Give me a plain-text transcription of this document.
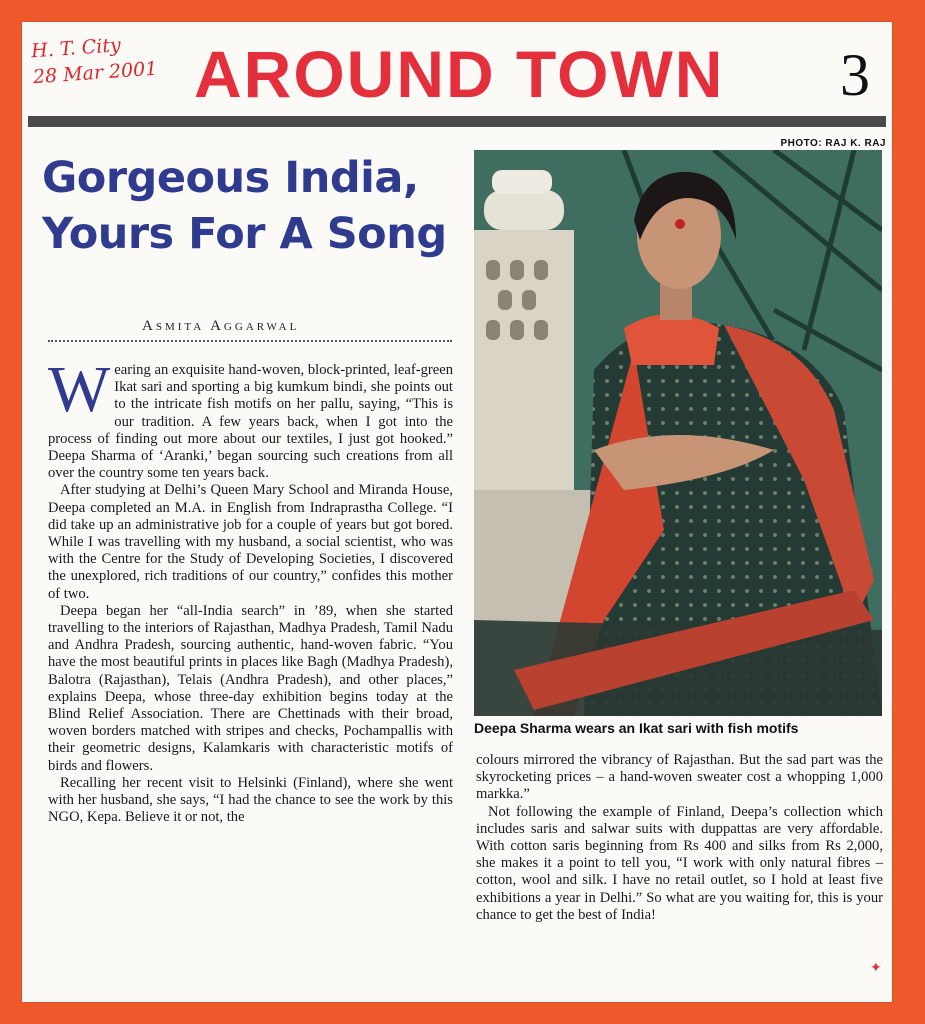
H. T. City
28 Mar 2001 AROUND TOWN	3
PHOTO: RAJ K. RAJ
Gorgeous India, Yours For A Song
Asmita Aggarwal

Wearing an exquisite hand-woven, block-printed, leaf-green Ikat sari and sporting a big kumkum bindi, she points out to the intricate fish motifs on her pallu, saying, “This is our tradition. A few years back, when I got into the process of finding out more about our textiles, I just got hooked.” Deepa Sharma of ‘Aranki,’ began sourcing such creations from all over the country some ten years back.

After studying at Delhi’s Queen Mary School and Miranda House, Deepa completed an M.A. in English from Indraprastha College. “I did take up an administrative job for a couple of years but got bored. While I was travelling with my husband, a social scientist, who was with the Centre for the Study of Developing Societies, I discovered the unexplored, rich traditions of our country,” confides this mother of two.

Deepa began her “all-India search” in ’89, when she started travelling to the interiors of Rajasthan, Madhya Pradesh, Tamil Nadu and Andhra Pradesh, sourcing authentic, hand-woven fabric. “You have the most beautiful prints in places like Bagh (Madhya Pradesh), Balotra (Rajasthan), Telais (Andhra Pradesh), and other places,” explains Deepa, whose three-day exhibition begins today at the Blind Relief Association. There are Chettinads with their broad, woven borders matched with stripes and checks, Pochampallis with their geometric designs, Kalamkaris with characteristic motifs of birds and flowers.

Recalling her recent visit to Helsinki (Finland), where she went with her husband, she says, “I had the chance to see the work by this NGO, Kepa. Believe it or not, the

Deepa Sharma wears an Ikat sari with fish motifs

colours mirrored the vibrancy of Rajasthan. But the sad part was the skyrocketing prices – a hand-woven sweater cost a whopping 1,000 markka.”

Not following the example of Finland, Deepa’s collection which includes saris and salwar suits with duppattas are very affordable. With cotton saris beginning from Rs 400 and silks from Rs 2,000, she makes it a point to tell you, “I work with only natural fibres – cotton, wool and silk. I have no retail outlet, so I hold at least five exhibitions a year in Delhi.” So what are you waiting for, this is your chance to get the best of India!

✦
